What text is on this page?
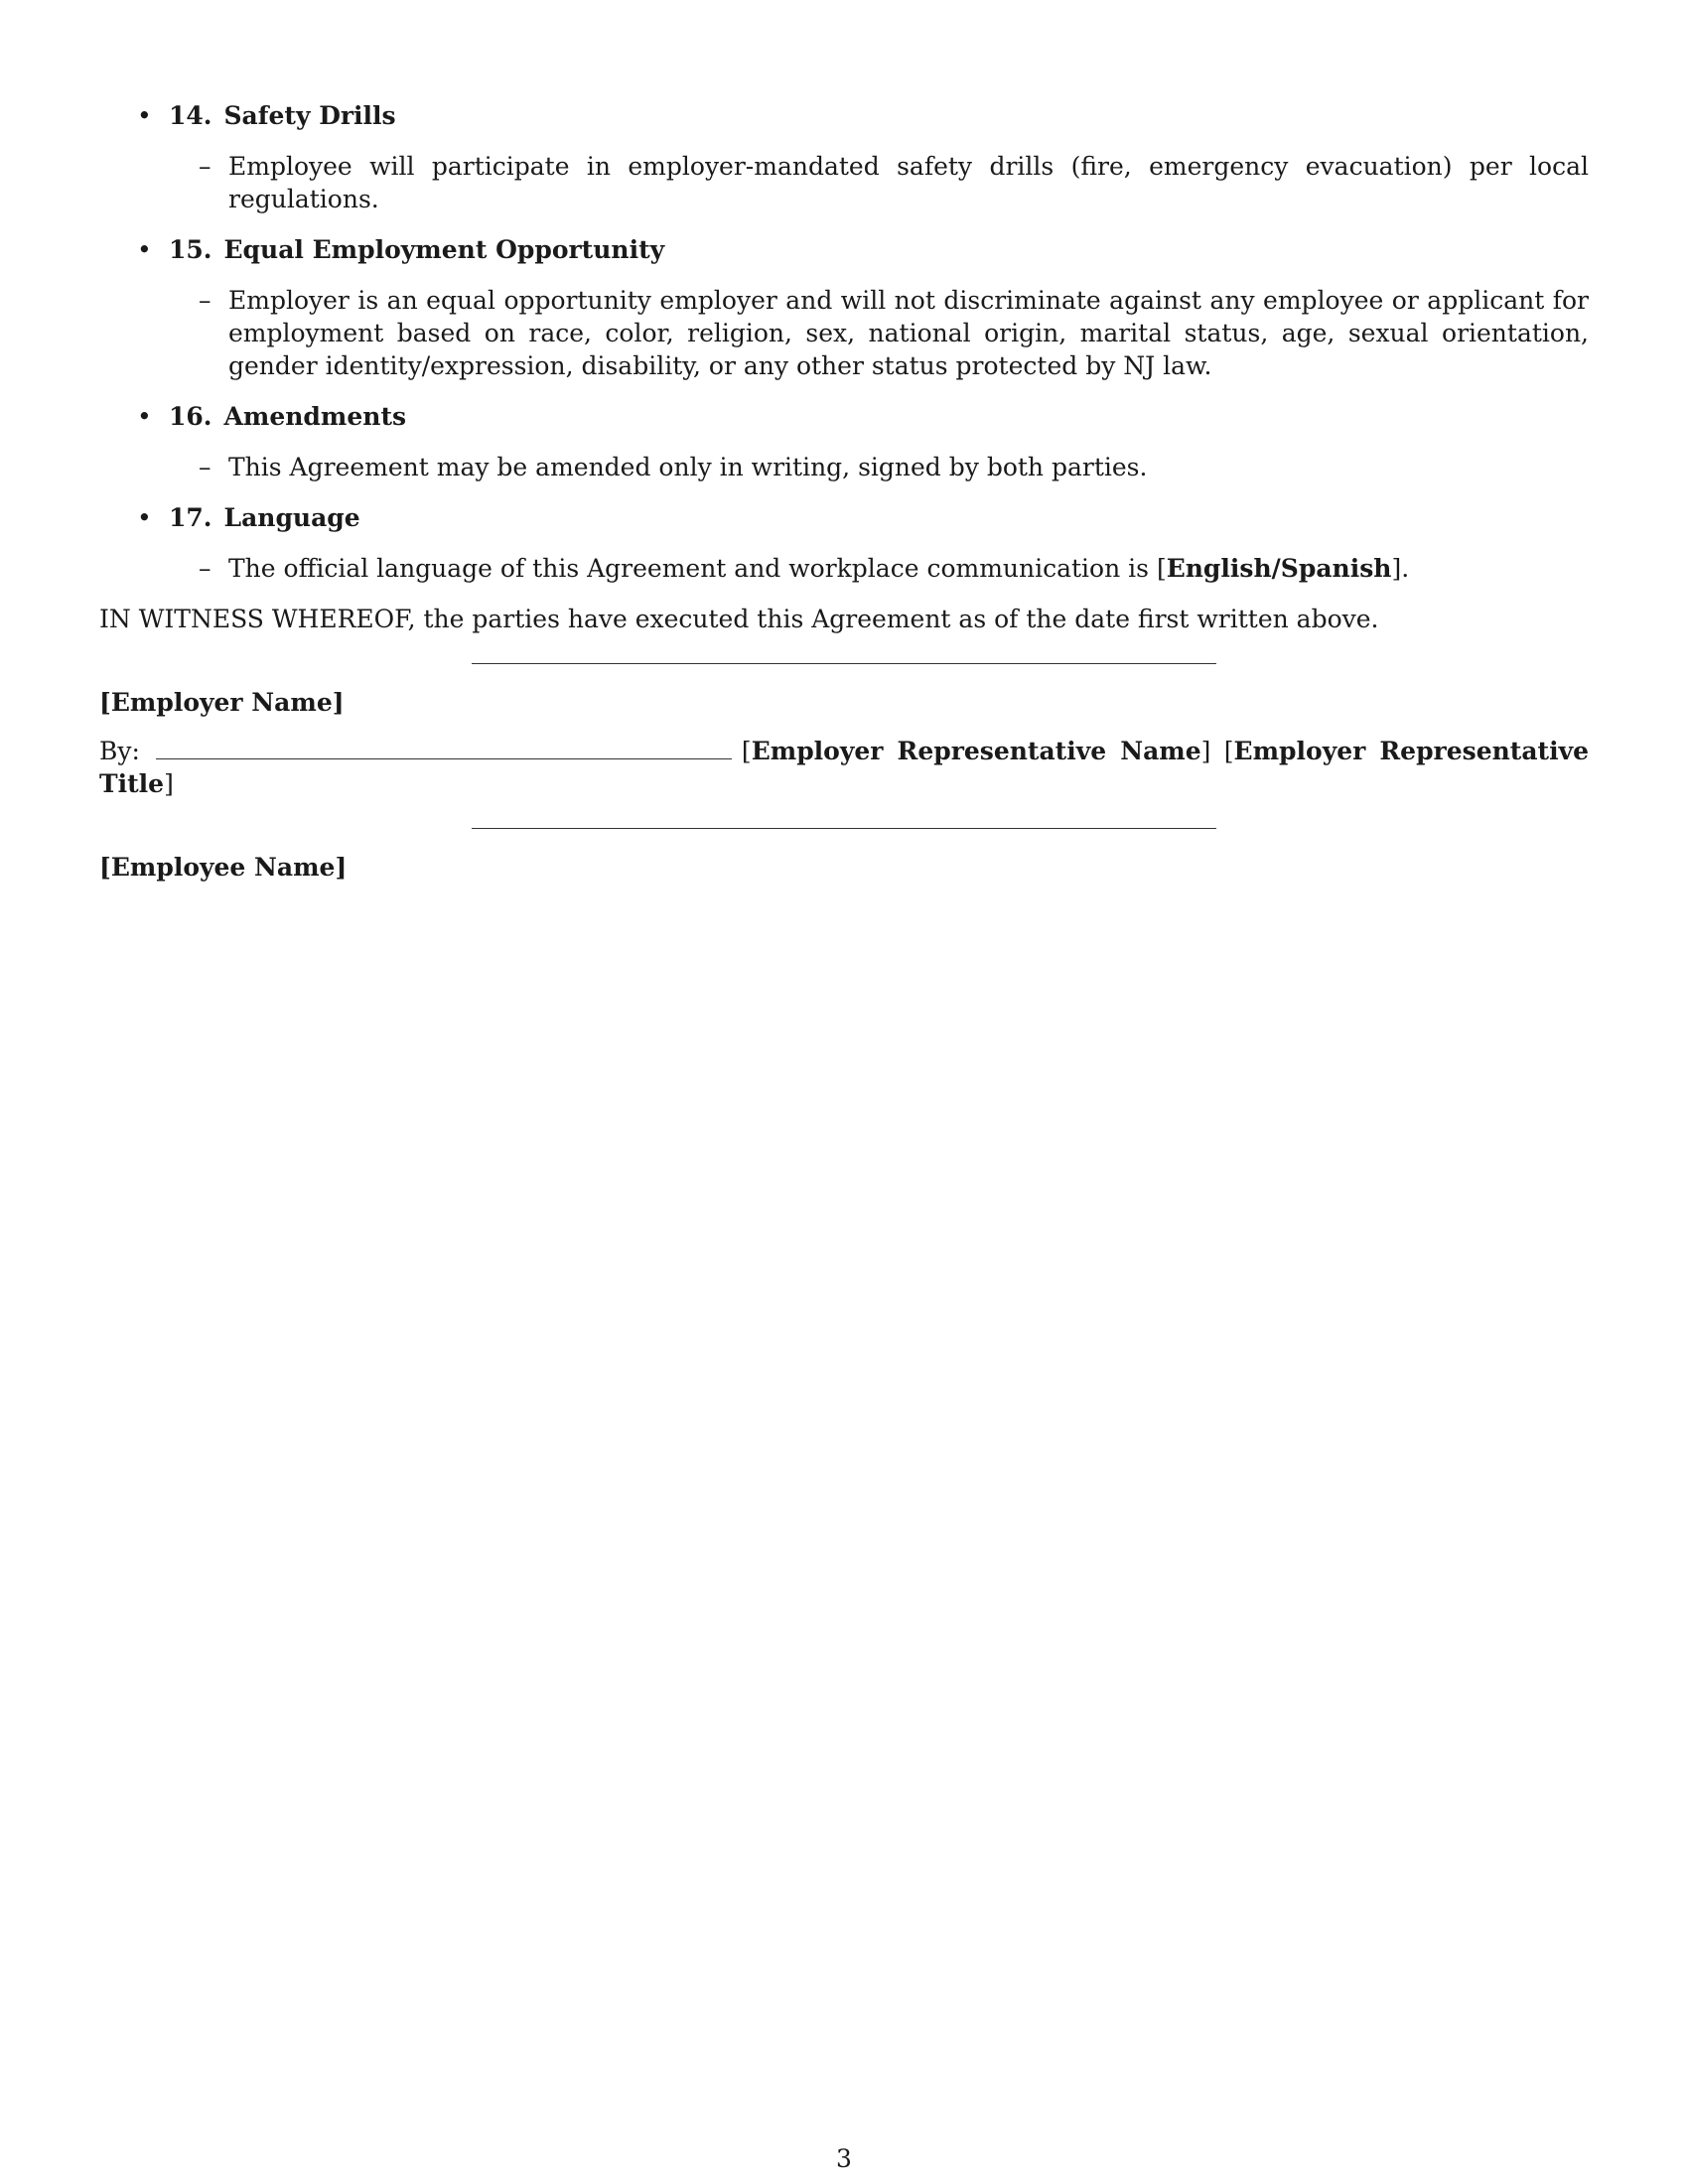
• 14. Safety Drills

– Employee will participate in employer-mandated safety drills (fire, emergency evacuation) per local regulations.
• 15. Equal Employment Opportunity

– Employer is an equal opportunity employer and will not discriminate against any employee or applicant for employment based on race, color, religion, sex, national origin, marital status, age, sexual orientation, gender identity/expression, disability, or any other status protected by NJ law.
• 16. Amendments

– This Agreement may be amended only in writing, signed by both parties.
• 17. Language

– The official language of this Agreement and workplace communication is [English/Spanish].

IN WITNESS WHEREOF, the parties have executed this Agreement as of the date first written above.

[Employer Name]
By:	[Employer Representative Name] [Employer Representative Title]
[Employee Name]
3
